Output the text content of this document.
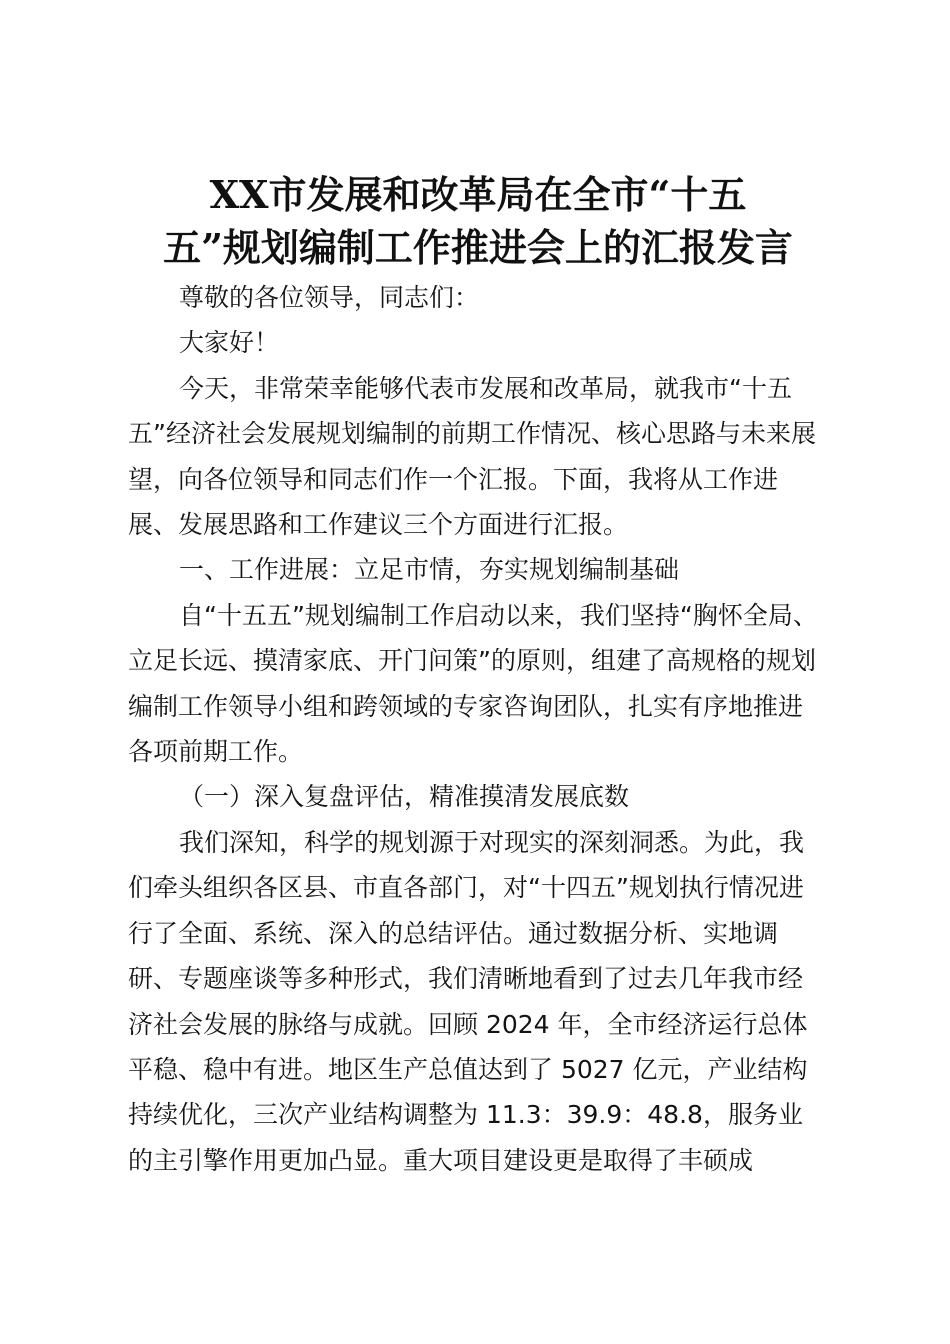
XX市发展和改革局在全市“十五
五”规划编制工作推进会上的汇报发言

尊敬的各位领导，同志们：

大家好！

今天，非常荣幸能够代表市发展和改革局，就我市“十五
五”经济社会发展规划编制的前期工作情况、核心思路与未来展
望，向各位领导和同志们作一个汇报。下面，我将从工作进
展、发展思路和工作建议三个方面进行汇报。

一、工作进展：立足市情，夯实规划编制基础

自“十五五”规划编制工作启动以来，我们坚持“胸怀全局、
立足长远、摸清家底、开门问策”的原则，组建了高规格的规划
编制工作领导小组和跨领域的专家咨询团队，扎实有序地推进
各项前期工作。

（一）深入复盘评估，精准摸清发展底数

我们深知，科学的规划源于对现实的深刻洞悉。为此，我
们牵头组织各区县、市直各部门，对“十四五”规划执行情况进
行了全面、系统、深入的总结评估。通过数据分析、实地调
研、专题座谈等多种形式，我们清晰地看到了过去几年我市经
济社会发展的脉络与成就。回顾 2024 年，全市经济运行总体
平稳、稳中有进。地区生产总值达到了 5027 亿元，产业结构
持续优化，三次产业结构调整为 11.3：39.9：48.8，服务业
的主引擎作用更加凸显。重大项目建设更是取得了丰硕成
